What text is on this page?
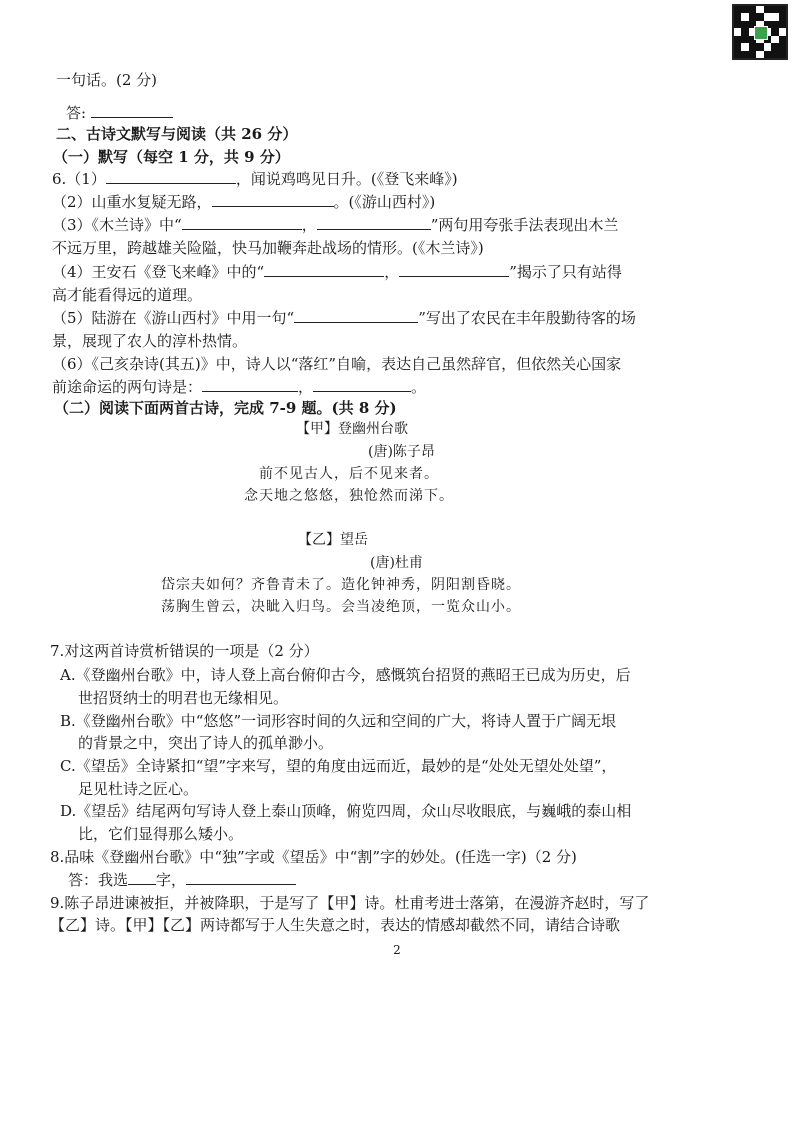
一句话。(2 分)
答:
二、古诗文默写与阅读（共 26 分）
（一）默写（每空 1 分，共 9 分）
6.（1）	，闻说鸡鸣见日升。(《登飞来峰》)
（2）山重水复疑无路，	。(《游山西村》)
（3）《木兰诗》中“	，	”两句用夸张手法表现出木兰
不远万里，跨越雄关险隘，快马加鞭奔赴战场的情形。(《木兰诗》)
（4）王安石《登飞来峰》中的“	，	”揭示了只有站得
高才能看得远的道理。
（5）陆游在《游山西村》中用一句“	”写出了农民在丰年殷勤待客的场
景，展现了农人的淳朴热情。
（6）《己亥杂诗(其五)》中，诗人以“落红”自喻，表达自己虽然辞官，但依然关心国家
前途命运的两句诗是：	，	。
（二）阅读下面两首古诗，完成 7-9 题。(共 8 分)
【甲】登幽州台歌
(唐)陈子昂
前不见古人，后不见来者。
念天地之悠悠，独怆然而涕下。
【乙】望岳
(唐)杜甫
岱宗夫如何？齐鲁青未了。造化钟神秀，阴阳割昏晓。
荡胸生曾云，决眦入归鸟。会当凌绝顶，一览众山小。
7.对这两首诗赏析错误的一项是（2 分）
A.《登幽州台歌》中，诗人登上高台俯仰古今，感慨筑台招贤的燕昭王已成为历史，后
世招贤纳士的明君也无缘相见。
B.《登幽州台歌》中“悠悠”一词形容时间的久远和空间的广大，将诗人置于广阔无垠
的背景之中，突出了诗人的孤单渺小。
C.《望岳》全诗紧扣“望”字来写，望的角度由远而近，最妙的是“处处无望处处望”，
足见杜诗之匠心。
D.《望岳》结尾两句写诗人登上泰山顶峰，俯览四周，众山尽收眼底，与巍峨的泰山相
比，它们显得那么矮小。
8.品味《登幽州台歌》中“独”字或《望岳》中“割”字的妙处。(任选一字)（2 分)
答：我选 字，
9.陈子昂进谏被拒，并被降职，于是写了【甲】诗。杜甫考进士落第，在漫游齐赵时，写了
【乙】诗。【甲】【乙】两诗都写于人生失意之时，表达的情感却截然不同，请结合诗歌
2
